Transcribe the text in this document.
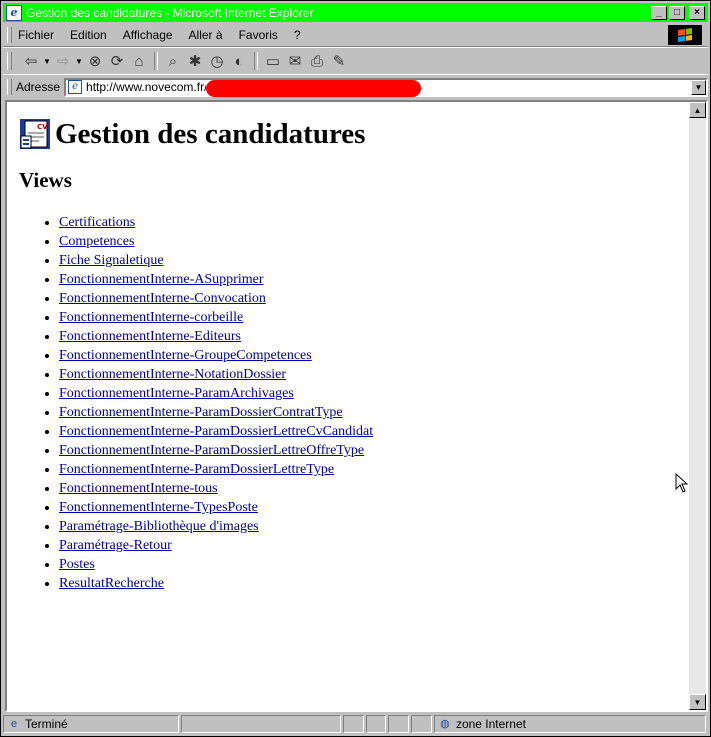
e Gestion des candidatures - Microsoft Internet Explorer	_	□	×
Fichier Edition Affichage Aller à Favoris ?
⇦ ▼ ⇨ ▼ ⊗ ⟳ ⌂	⌕ ✱ ◷ ◐	▭ ✉ ⎙ ✎
Adresse	e
http://www.novecom.fr/p	▼
CV Gestion des candidatures
Views
• Certifications
• Competences
• Fiche Signaletique
• FonctionnementInterne-ASupprimer
• FonctionnementInterne-Convocation
• FonctionnementInterne-corbeille
• FonctionnementInterne-Editeurs
• FonctionnementInterne-GroupeCompetences
• FonctionnementInterne-NotationDossier
• FonctionnementInterne-ParamArchivages
• FonctionnementInterne-ParamDossierContratType
• FonctionnementInterne-ParamDossierLettreCvCandidat
• FonctionnementInterne-ParamDossierLettreOffreType
• FonctionnementInterne-ParamDossierLettreType
• FonctionnementInterne-tous
• FonctionnementInterne-TypesPoste
• Paramétrage-Bibliothèque d'images
• Paramétrage-Retour
• Postes
• ResultatRecherche
▲
▼
e Terminé	◍ zone Internet
